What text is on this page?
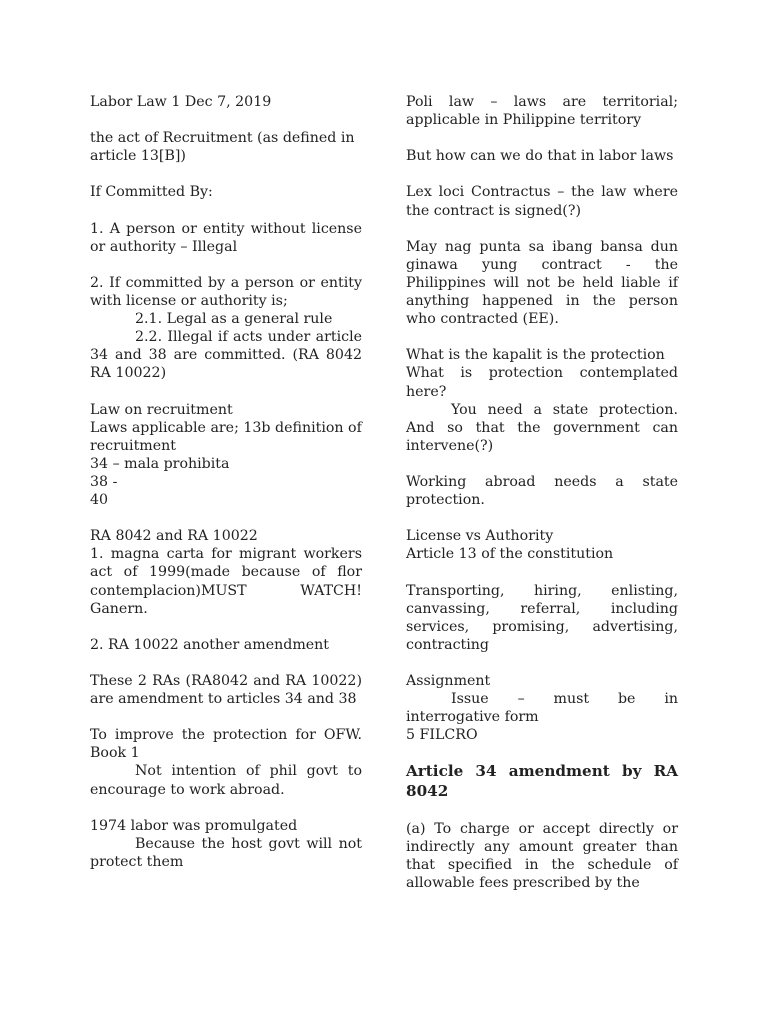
Labor Law 1 Dec 7, 2019

the act of Recruitment (as defined in article 13[B])

If Committed By:

1. A person or entity without license or authority – Illegal

2. If committed by a person or entity with license or authority is;

2.1. Legal as a general rule

2.2. Illegal if acts under article 34 and 38 are committed. (RA 8042 RA 10022)

Law on recruitment

Laws applicable are; 13b definition of recruitment

34 – mala prohibita

38 -

40

RA 8042 and RA 10022

1. magna carta for migrant workers act of 1999(made because of flor contemplacion)MUST WATCH! Ganern.

2. RA 10022 another amendment

These 2 RAs (RA8042 and RA 10022) are amendment to articles 34 and 38

To improve the protection for OFW. Book 1

Not intention of phil govt to encourage to work abroad.

1974 labor was promulgated

Because the host govt will not protect them

Poli law – laws are territorial; applicable in Philippine territory

But how can we do that in labor laws

Lex loci Contractus – the law where the contract is signed(?)

May nag punta sa ibang bansa dun ginawa yung contract - the Philippines will not be held liable if anything happened in the person who contracted (EE).

What is the kapalit is the protection

What is protection contemplated here?

You need a state protection. And so that the government can intervene(?)

Working abroad needs a state protection.

License vs Authority

Article 13 of the constitution

Transporting, hiring, enlisting, canvassing, referral, including services, promising, advertising, contracting

Assignment

Issue – must be in interrogative form

5 FILCRO

Article 34 amendment by RA 8042

(a) To charge or accept directly or indirectly any amount greater than that specified in the schedule of allowable fees prescribed by the
